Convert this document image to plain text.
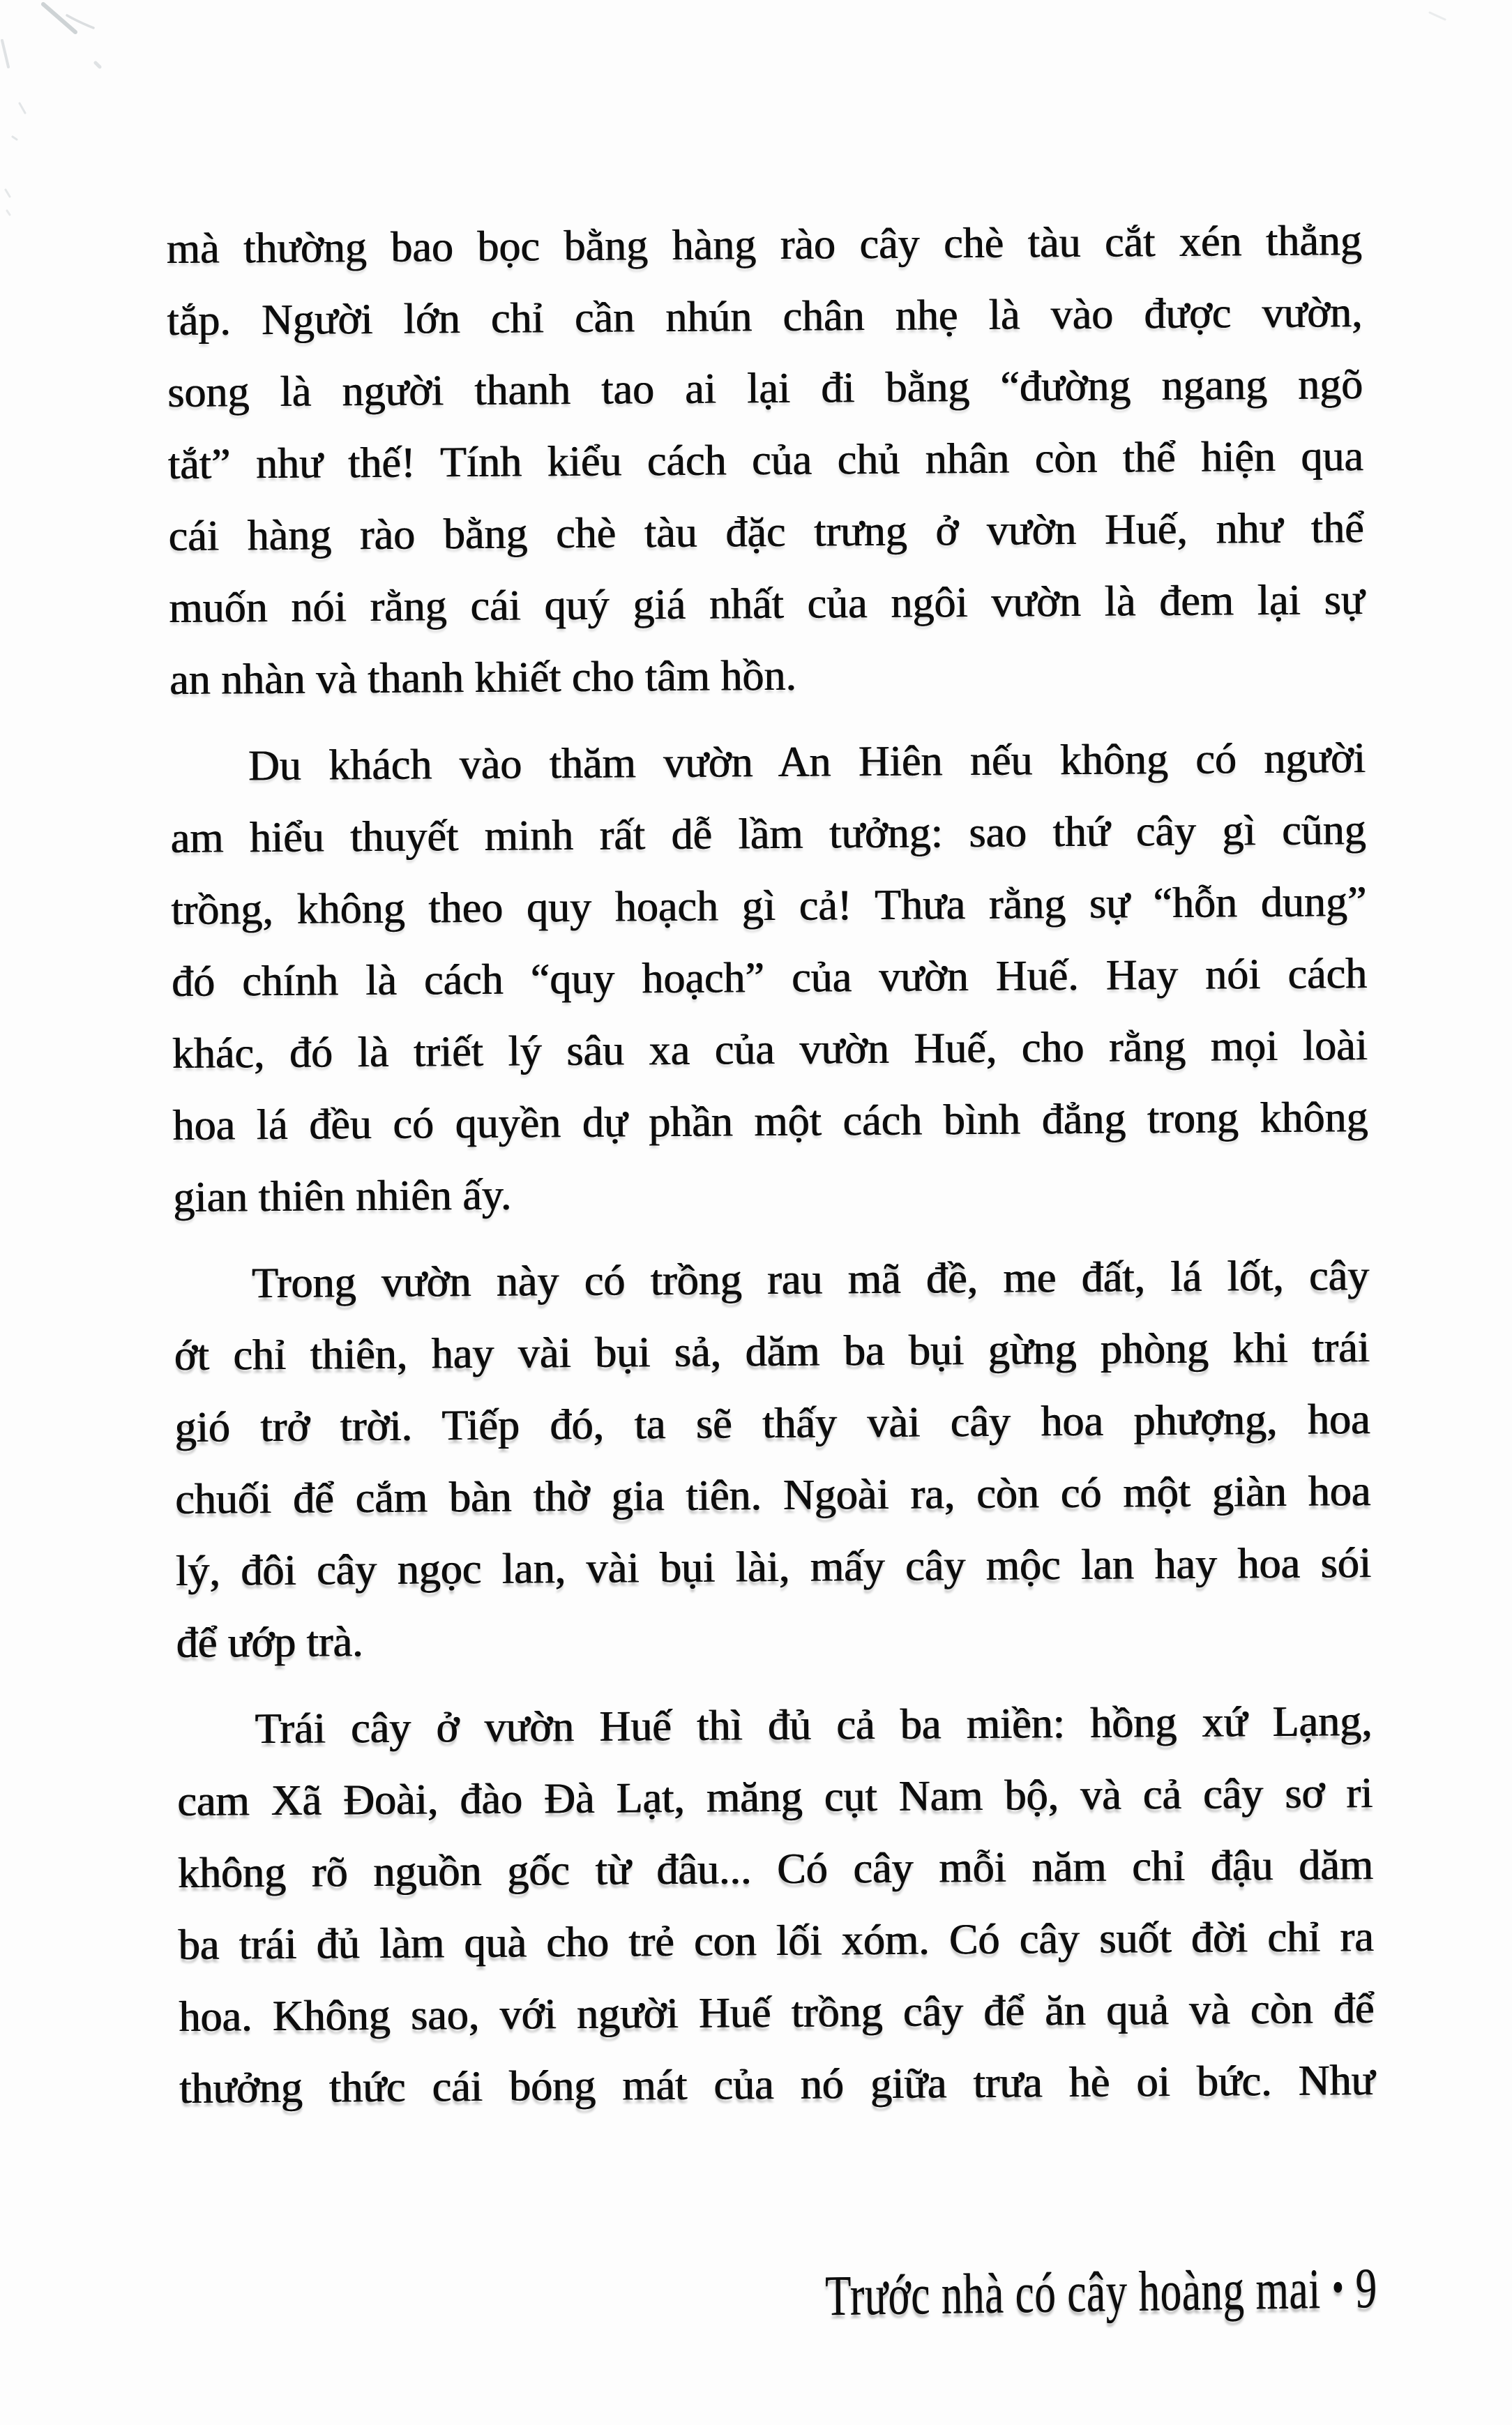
mà thường bao bọc bằng hàng rào cây chè tàu cắt xén thẳng
tắp. Người lớn chỉ cần nhún chân nhẹ là vào được vườn,
song là người thanh tao ai lại đi bằng “đường ngang ngõ
tắt” như thế! Tính kiểu cách của chủ nhân còn thể hiện qua
cái hàng rào bằng chè tàu đặc trưng ở vườn Huế, như thể
muốn nói rằng cái quý giá nhất của ngôi vườn là đem lại sự
an nhàn và thanh khiết cho tâm hồn.
Du khách vào thăm vườn An Hiên nếu không có người
am hiểu thuyết minh rất dễ lầm tưởng: sao thứ cây gì cũng
trồng, không theo quy hoạch gì cả! Thưa rằng sự “hỗn dung”
đó chính là cách “quy hoạch” của vườn Huế. Hay nói cách
khác, đó là triết lý sâu xa của vườn Huế, cho rằng mọi loài
hoa lá đều có quyền dự phần một cách bình đẳng trong không
gian thiên nhiên ấy.
Trong vườn này có trồng rau mã đề, me đất, lá lốt, cây
ớt chỉ thiên, hay vài bụi sả, dăm ba bụi gừng phòng khi trái
gió trở trời. Tiếp đó, ta sẽ thấy vài cây hoa phượng, hoa
chuối để cắm bàn thờ gia tiên. Ngoài ra, còn có một giàn hoa
lý, đôi cây ngọc lan, vài bụi lài, mấy cây mộc lan hay hoa sói
để ướp trà.
Trái cây ở vườn Huế thì đủ cả ba miền: hồng xứ Lạng,
cam Xã Đoài, đào Đà Lạt, măng cụt Nam bộ, và cả cây sơ ri
không rõ nguồn gốc từ đâu... Có cây mỗi năm chỉ đậu dăm
ba trái đủ làm quà cho trẻ con lối xóm. Có cây suốt đời chỉ ra
hoa. Không sao, với người Huế trồng cây để ăn quả và còn để
thưởng thức cái bóng mát của nó giữa trưa hè oi bức. Như
Trước nhà có cây hoàng mai • 9
